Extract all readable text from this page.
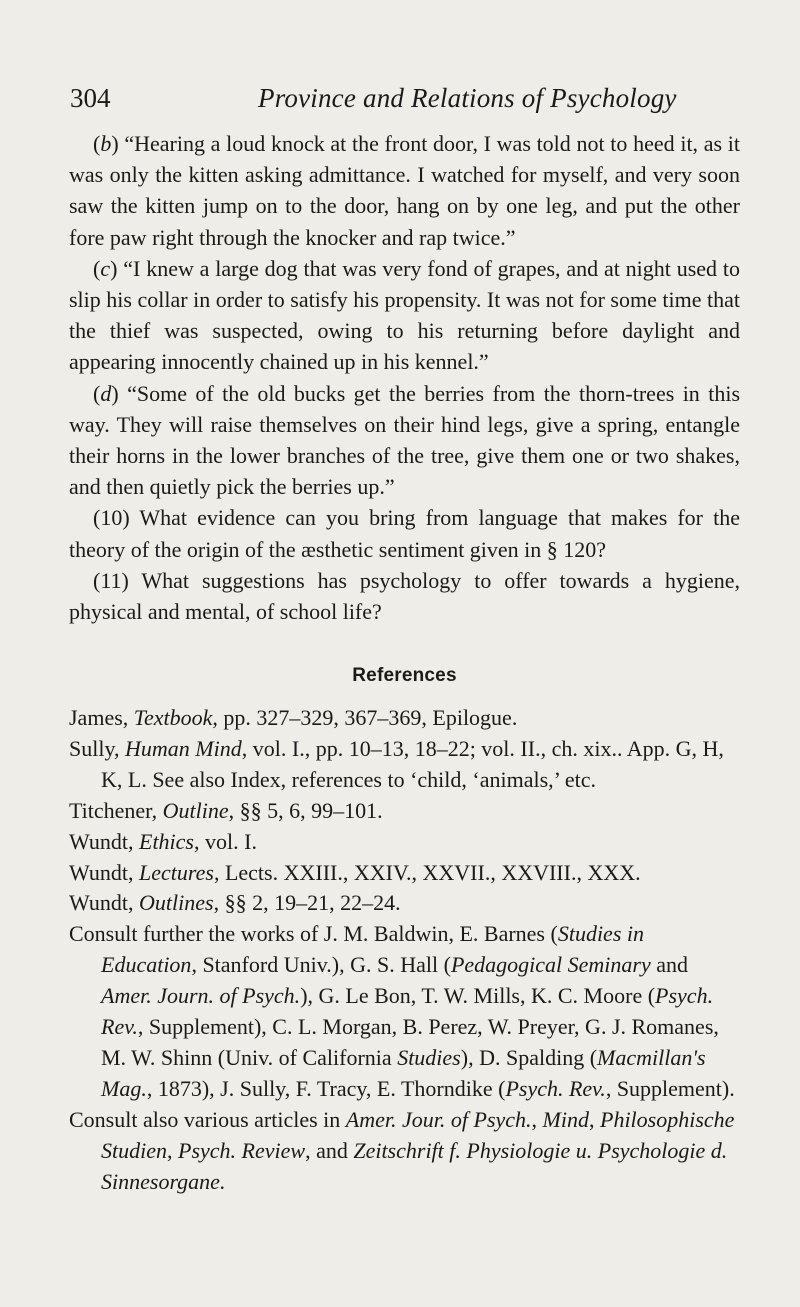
304	Province and Relations of Psychology

(b) “Hearing a loud knock at the front door, I was told not to heed it, as it was only the kitten asking admittance. I watched for myself, and very soon saw the kitten jump on to the door, hang on by one leg, and put the other fore paw right through the knocker and rap twice.”

(c) “I knew a large dog that was very fond of grapes, and at night used to slip his collar in order to satisfy his propensity. It was not for some time that the thief was suspected, owing to his returning before daylight and appearing innocently chained up in his kennel.”

(d) “Some of the old bucks get the berries from the thorn-trees in this way. They will raise themselves on their hind legs, give a spring, entangle their horns in the lower branches of the tree, give them one or two shakes, and then quietly pick the berries up.”

(10) What evidence can you bring from language that makes for the theory of the origin of the æsthetic sentiment given in § 120?

(11) What suggestions has psychology to offer towards a hygiene, physical and mental, of school life?

References

James, Textbook, pp. 327–329, 367–369, Epilogue.

Sully, Human Mind, vol. I., pp. 10–13, 18–22; vol. II., ch. xix.. App. G, H, K, L. See also Index, references to ‘child, ‘animals,’ etc.

Titchener, Outline, §§ 5, 6, 99–101.

Wundt, Ethics, vol. I.

Wundt, Lectures, Lects. XXIII., XXIV., XXVII., XXVIII., XXX.

Wundt, Outlines, §§ 2, 19–21, 22–24.

Consult further the works of J. M. Baldwin, E. Barnes (Studies in Education, Stanford Univ.), G. S. Hall (Pedagogical Seminary and Amer. Journ. of Psych.), G. Le Bon, T. W. Mills, K. C. Moore (Psych. Rev., Supplement), C. L. Morgan, B. Perez, W. Preyer, G. J. Romanes, M. W. Shinn (Univ. of California Studies), D. Spalding (Macmillan's Mag., 1873), J. Sully, F. Tracy, E. Thorndike (Psych. Rev., Supplement).

Consult also various articles in Amer. Jour. of Psych., Mind, Philosophische Studien, Psych. Review, and Zeitschrift f. Physiologie u. Psychologie d. Sinnesorgane.
